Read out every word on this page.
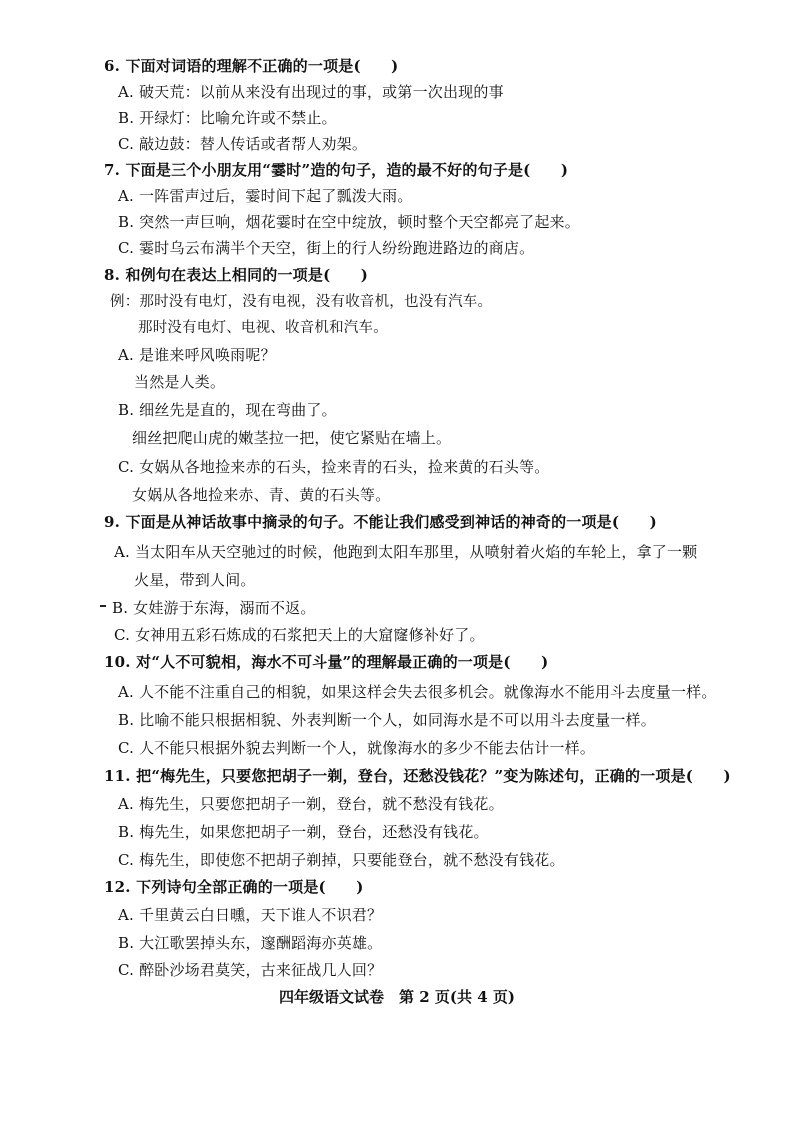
6. 下面对词语的理解不正确的一项是(　　)
A. 破天荒：以前从来没有出现过的事，或第一次出现的事
B. 开绿灯：比喻允许或不禁止。
C. 敲边鼓：替人传话或者帮人劝架。
7. 下面是三个小朋友用“霎时”造的句子，造的最不好的句子是(　　)
A. 一阵雷声过后，霎时间下起了瓢泼大雨。
B. 突然一声巨响，烟花霎时在空中绽放，顿时整个天空都亮了起来。
C. 霎时乌云布满半个天空，街上的行人纷纷跑进路边的商店。
8. 和例句在表达上相同的一项是(　　)
例：那时没有电灯，没有电视，没有收音机，也没有汽车。
那时没有电灯、电视、收音机和汽车。
A. 是谁来呼风唤雨呢？
当然是人类。
B. 细丝先是直的，现在弯曲了。
细丝把爬山虎的嫩茎拉一把，使它紧贴在墙上。
C. 女娲从各地捡来赤的石头，捡来青的石头，捡来黄的石头等。
女娲从各地捡来赤、青、黄的石头等。
9. 下面是从神话故事中摘录的句子。不能让我们感受到神话的神奇的一项是(　　)
A. 当太阳车从天空驰过的时候，他跑到太阳车那里，从喷射着火焰的车轮上，拿了一颗
火星，带到人间。
B. 女娃游于东海，溺而不返。
C. 女神用五彩石炼成的石浆把天上的大窟窿修补好了。
10. 对“人不可貌相，海水不可斗量”的理解最正确的一项是(　　)
A. 人不能不注重自己的相貌，如果这样会失去很多机会。就像海水不能用斗去度量一样。
B. 比喻不能只根据相貌、外表判断一个人，如同海水是不可以用斗去度量一样。
C. 人不能只根据外貌去判断一个人，就像海水的多少不能去估计一样。
11. 把“梅先生，只要您把胡子一剃，登台，还愁没钱花？”变为陈述句，正确的一项是(　　)
A. 梅先生，只要您把胡子一剃，登台，就不愁没有钱花。
B. 梅先生，如果您把胡子一剃，登台，还愁没有钱花。
C. 梅先生，即使您不把胡子剃掉，只要能登台，就不愁没有钱花。
12. 下列诗句全部正确的一项是(　　)
A. 千里黄云白日曛，天下谁人不识君？
B. 大江歌罢掉头东，邃酬蹈海亦英雄。
C. 醉卧沙场君莫笑，古来征战几人回？
四年级语文试卷　第 2 页(共 4 页)
